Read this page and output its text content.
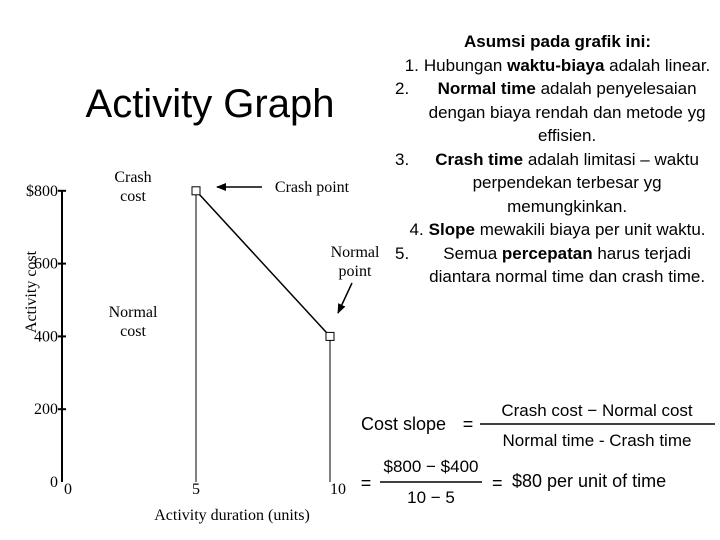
Activity Graph
Asumsi pada grafik ini:
1. Hubungan waktu-biaya adalah linear.
2.	Normal time adalah penyelesaian dengan biaya rendah dan metode yg effisien.
3.	Crash time adalah limitasi – waktu perpendekan terbesar yg memungkinkan.
4. Slope mewakili biaya per unit waktu.
5.	Semua percepatan harus terjadi diantara normal time dan crash time.
0
200
400
600
$800
0	5	10
Activity duration (units)
Activity cost
Crash cost
Normal cost
Crash point
Normal point
Cost slope =
Crash cost − Normal cost
Normal time - Crash time
=
$800 − $400
10 − 5
= $80 per unit of time
